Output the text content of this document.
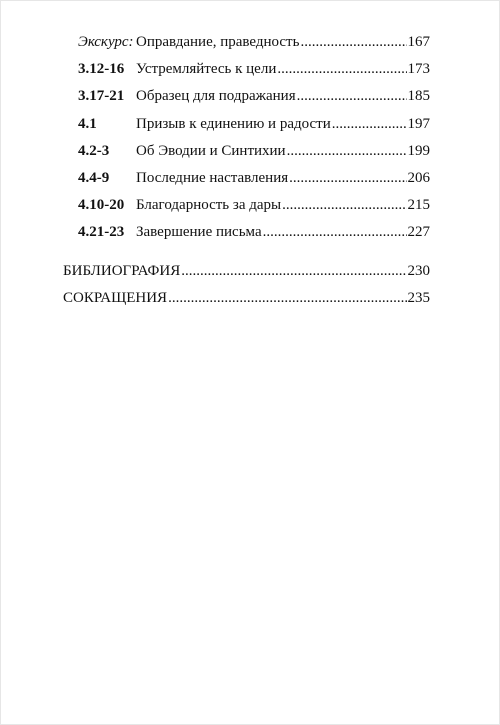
Экскурс: Оправдание, праведность .....	167
3.12-16 Устремляйтесь к цели .....	173
3.17-21 Образец для подражания .....	185
4.1	Призыв к единению и радости .....	197
4.2-3	Об Эводии и Синтихии .....	199
4.4-9	Последние наставления .....	206
4.10-20 Благодарность за дары .....	215
4.21-23 Завершение письма .....	227
БИБЛИОГРАФИЯ .....	230
СОКРАЩЕНИЯ .....	235
